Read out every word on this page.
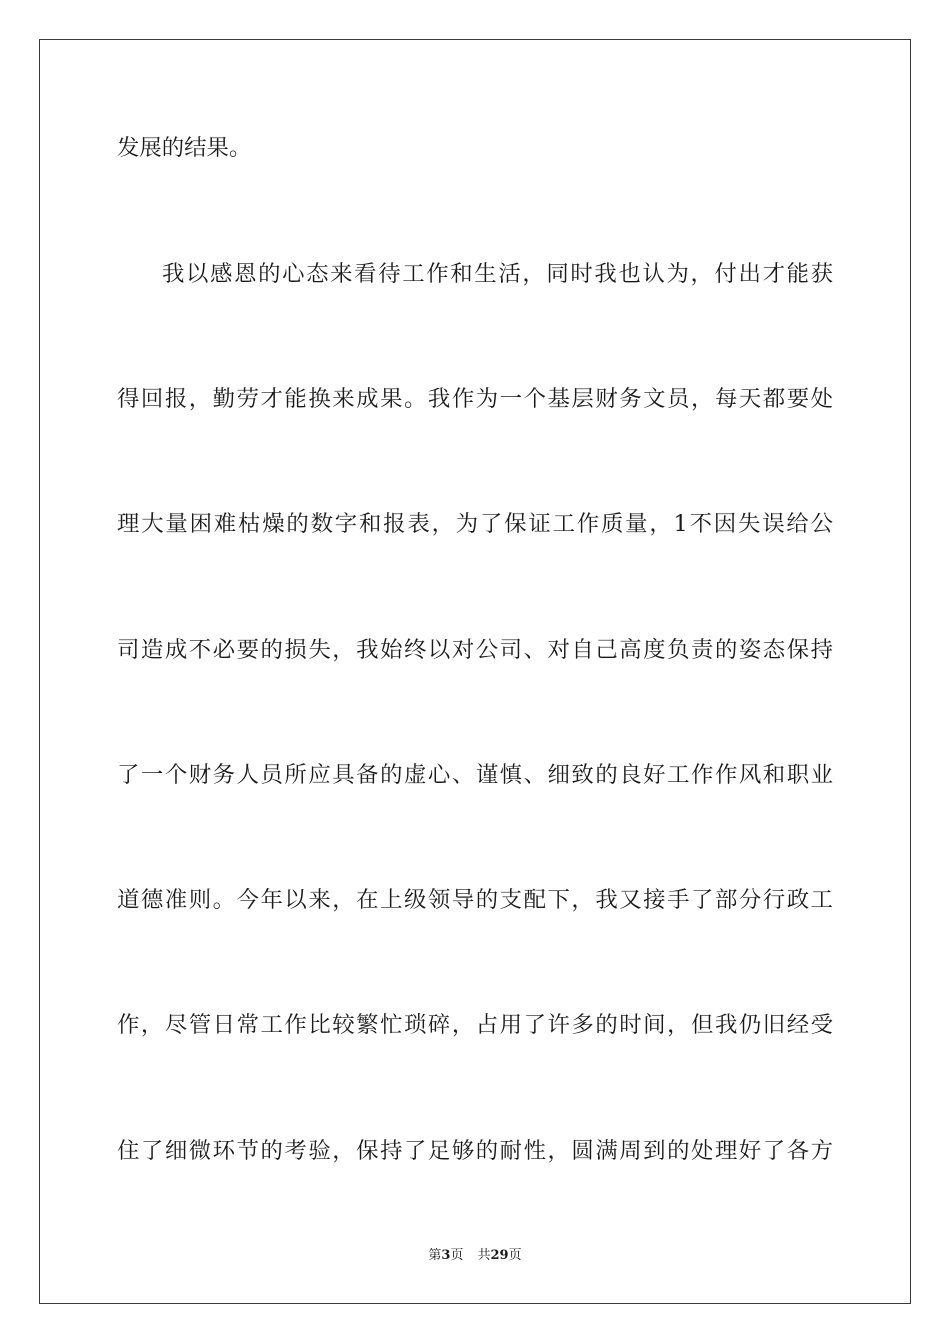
发展的结果。
我以感恩的心态来看待工作和生活，同时我也认为，付出才能获
得回报，勤劳才能换来成果。我作为一个基层财务文员，每天都要处
理大量困难枯燥的数字和报表，为了保证工作质量，1不因失误给公
司造成不必要的损失，我始终以对公司、对自己高度负责的姿态保持
了一个财务人员所应具备的虚心、谨慎、细致的良好工作作风和职业
道德准则。今年以来，在上级领导的支配下，我又接手了部分行政工
作，尽管日常工作比较繁忙琐碎，占用了许多的时间，但我仍旧经受
住了细微环节的考验，保持了足够的耐性，圆满周到的处理好了各方
第3页 共29页
